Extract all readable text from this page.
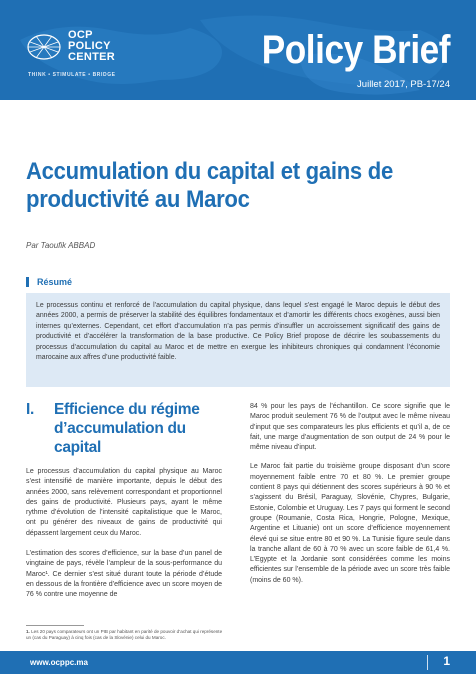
OCP
POLICY
CENTER
THINK • STIMULATE • BRIDGE
Policy Brief
Juillet 2017, PB-17/24
Accumulation du capital et gains de productivité au Maroc
Par Taoufik ABBAD
Résumé

Le processus continu et renforcé de l’accumulation du capital physique, dans lequel s’est engagé le Maroc depuis le début des années 2000, a permis de préserver la stabilité des équilibres fondamentaux et d’amortir les différents chocs exogènes, aussi bien internes qu’externes. Cependant, cet effort d’accumulation n’a pas permis d’insuffler un accroissement significatif des gains de productivité et d’accélérer la transformation de la base productive. Ce Policy Brief propose de décrire les soubassements du processus d’accumulation du capital au Maroc et de mettre en exergue les inhibiteurs chroniques qui condamnent l’économie marocaine aux affres d’une productivité faible.

I. Efficience du régime d’accumulation du capital

Le processus d’accumulation du capital physique au Maroc s’est intensifié de manière importante, depuis le début des années 2000, sans relèvement correspondant et proportionnel des gains de productivité. Plusieurs pays, ayant le même rythme d’évolution de l’intensité capitalistique que le Maroc, ont pu générer des niveaux de gains de productivité qui dépassent largement ceux du Maroc.

L’estimation des scores d’efficience, sur la base d’un panel de vingtaine de pays, révèle l’ampleur de la sous-performance du Maroc¹. Ce dernier s’est situé durant toute la période d’étude en dessous de la frontière d’efficience avec un score moyen de 76 % contre une moyenne de

84 % pour les pays de l’échantillon. Ce score signifie que le Maroc produit seulement 76 % de l’output avec le même niveau d’input que ses comparateurs les plus efficients et qu’il a, de ce fait, une marge d’augmentation de son output de 24 % pour le même niveau d’input.

Le Maroc fait partie du troisième groupe disposant d’un score moyennement faible entre 70 et 80 %. Le premier groupe contient 8 pays qui détiennent des scores supérieurs à 90 % et s’agissent du Brésil, Paraguay, Slovénie, Chypres, Bulgarie, Estonie, Colombie et Uruguay. Les 7 pays qui forment le second groupe (Roumanie, Costa Rica, Hongrie, Pologne, Mexique, Argentine et Lituanie) ont un score d’efficience moyennement élevé qui se situe entre 80 et 90 %. La Tunisie figure seule dans la tranche allant de 60 à 70 % avec un score faible de 61,4 %. L’Egypte et la Jordanie sont considérées comme les moins efficientes sur l’ensemble de la période avec un score très faible (moins de 60 %).

1. Les 20 pays comparateurs ont un PIB par habitant en parité de pouvoir d’achat qui représente un (cas du Paraguay) à cinq fois (cas de la Slovénie) celui du Maroc.
www.ocppc.ma	1
